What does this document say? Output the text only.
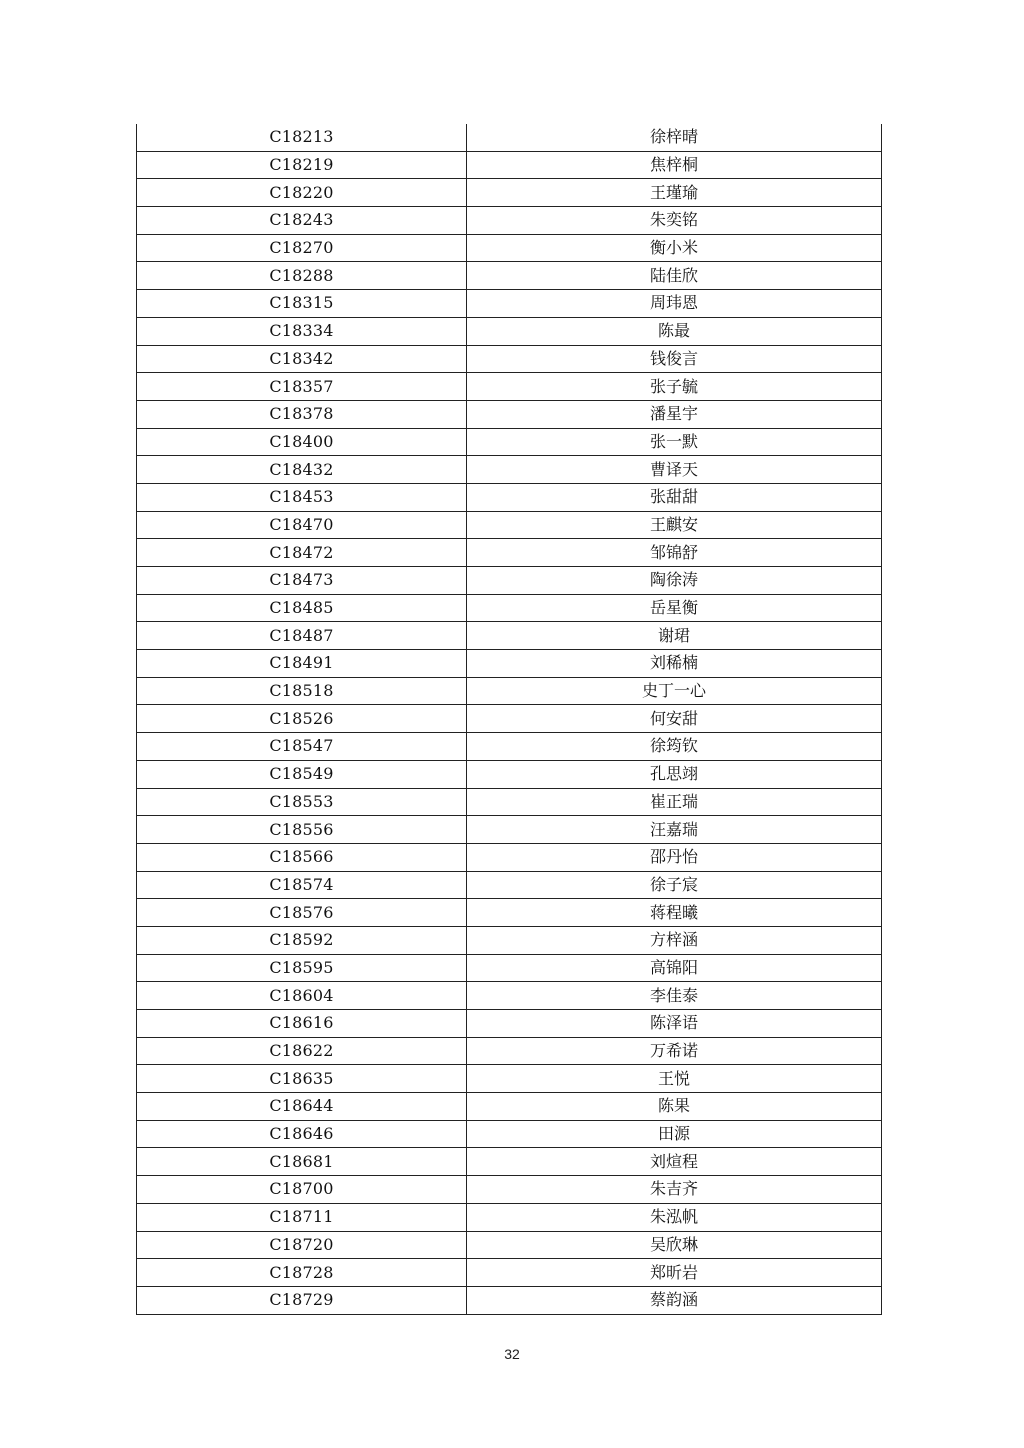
C18213	徐梓晴
C18219	焦梓桐
C18220	王瑾瑜
C18243	朱奕铭
C18270	衡小米
C18288	陆佳欣
C18315	周玮恩
C18334	陈最
C18342	钱俊言
C18357	张子毓
C18378	潘星宇
C18400	张一默
C18432	曹译天
C18453	张甜甜
C18470	王麒安
C18472	邹锦舒
C18473	陶徐涛
C18485	岳星衡
C18487	谢珺
C18491	刘稀楠
C18518	史丁一心
C18526	何安甜
C18547	徐筠钦
C18549	孔思翊
C18553	崔正瑞
C18556	汪嘉瑞
C18566	邵丹怡
C18574	徐子宸
C18576	蒋程曦
C18592	方梓涵
C18595	高锦阳
C18604	李佳泰
C18616	陈泽语
C18622	万希诺
C18635	王悦
C18644	陈果
C18646	田源
C18681	刘煊程
C18700	朱吉齐
C18711	朱泓帆
C18720	吴欣琳
C18728	郑昕岩
C18729	蔡韵涵
32
